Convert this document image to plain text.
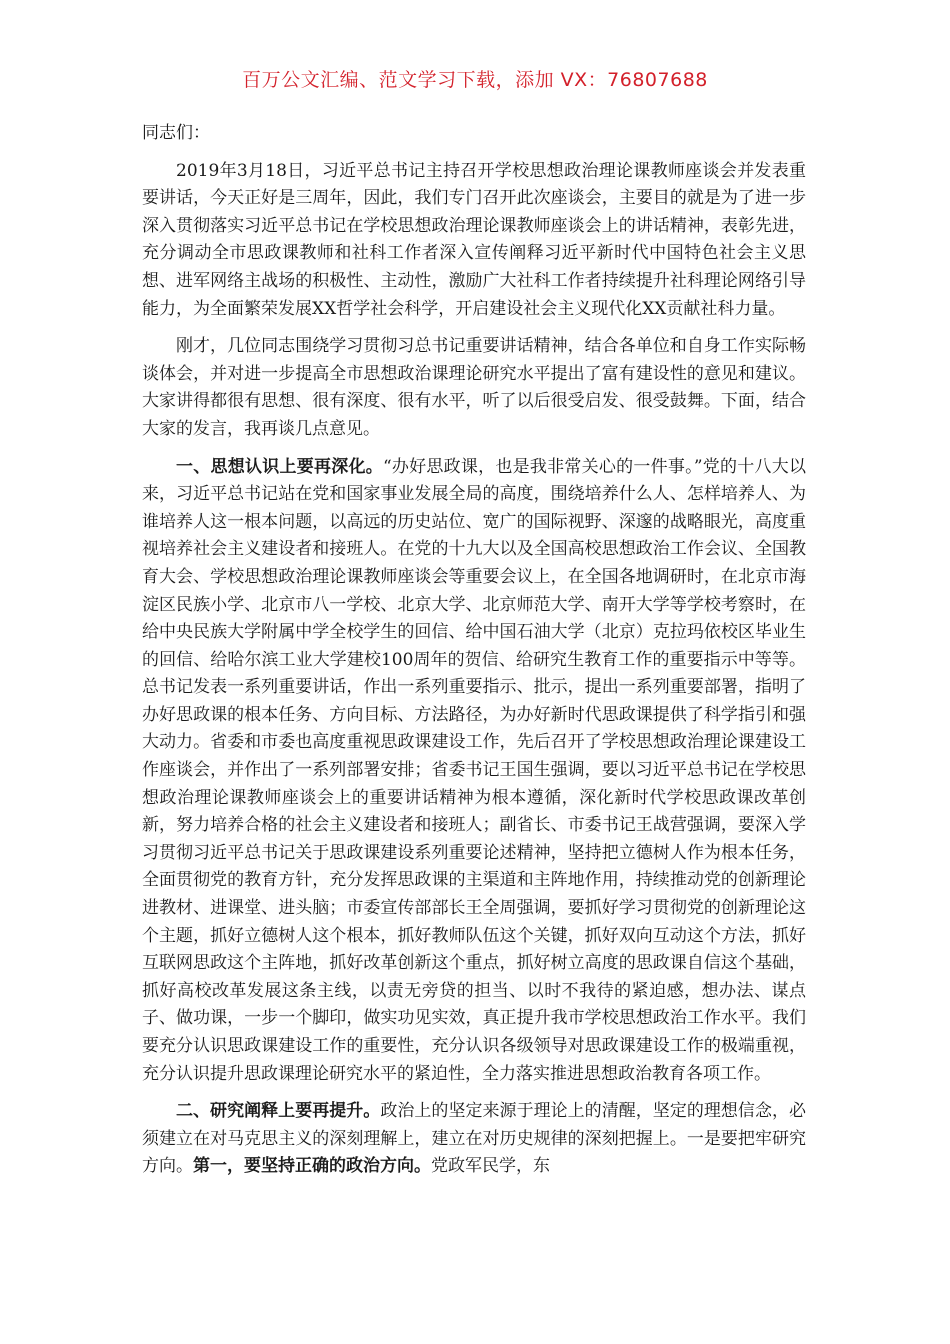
百万公文汇编、范文学习下载，添加 VX：76807688

同志们：

2019年3月18日，习近平总书记主持召开学校思想政治理论课教师座谈会并发表重要讲话，今天正好是三周年，因此，我们专门召开此次座谈会，主要目的就是为了进一步深入贯彻落实习近平总书记在学校思想政治理论课教师座谈会上的讲话精神，表彰先进，充分调动全市思政课教师和社科工作者深入宣传阐释习近平新时代中国特色社会主义思想、进军网络主战场的积极性、主动性，激励广大社科工作者持续提升社科理论网络引导能力，为全面繁荣发展XX哲学社会科学，开启建设社会主义现代化XX贡献社科力量。

刚才，几位同志围绕学习贯彻习总书记重要讲话精神，结合各单位和自身工作实际畅谈体会，并对进一步提高全市思想政治课理论研究水平提出了富有建设性的意见和建议。大家讲得都很有思想、很有深度、很有水平，听了以后很受启发、很受鼓舞。下面，结合大家的发言，我再谈几点意见。

一、思想认识上要再深化。“办好思政课，也是我非常关心的一件事。”党的十八大以来，习近平总书记站在党和国家事业发展全局的高度，围绕培养什么人、怎样培养人、为谁培养人这一根本问题，以高远的历史站位、宽广的国际视野、深邃的战略眼光，高度重视培养社会主义建设者和接班人。在党的十九大以及全国高校思想政治工作会议、全国教育大会、学校思想政治理论课教师座谈会等重要会议上，在全国各地调研时，在北京市海淀区民族小学、北京市八一学校、北京大学、北京师范大学、南开大学等学校考察时，在给中央民族大学附属中学全校学生的回信、给中国石油大学（北京）克拉玛依校区毕业生的回信、给哈尔滨工业大学建校100周年的贺信、给研究生教育工作的重要指示中等等。总书记发表一系列重要讲话，作出一系列重要指示、批示，提出一系列重要部署，指明了办好思政课的根本任务、方向目标、方法路径，为办好新时代思政课提供了科学指引和强大动力。省委和市委也高度重视思政课建设工作，先后召开了学校思想政治理论课建设工作座谈会，并作出了一系列部署安排；省委书记王国生强调，要以习近平总书记在学校思想政治理论课教师座谈会上的重要讲话精神为根本遵循，深化新时代学校思政课改革创新，努力培养合格的社会主义建设者和接班人；副省长、市委书记王战营强调，要深入学习贯彻习近平总书记关于思政课建设系列重要论述精神，坚持把立德树人作为根本任务，全面贯彻党的教育方针，充分发挥思政课的主渠道和主阵地作用，持续推动党的创新理论进教材、进课堂、进头脑；市委宣传部部长王全周强调，要抓好学习贯彻党的创新理论这个主题，抓好立德树人这个根本，抓好教师队伍这个关键，抓好双向互动这个方法，抓好互联网思政这个主阵地，抓好改革创新这个重点，抓好树立高度的思政课自信这个基础，抓好高校改革发展这条主线，以责无旁贷的担当、以时不我待的紧迫感，想办法、谋点子、做功课，一步一个脚印，做实功见实效，真正提升我市学校思想政治工作水平。我们要充分认识思政课建设工作的重要性，充分认识各级领导对思政课建设工作的极端重视，充分认识提升思政课理论研究水平的紧迫性，全力落实推进思想政治教育各项工作。

二、研究阐释上要再提升。政治上的坚定来源于理论上的清醒，坚定的理想信念，必须建立在对马克思主义的深刻理解上，建立在对历史规律的深刻把握上。一是要把牢研究方向。第一，要坚持正确的政治方向。党政军民学，东
